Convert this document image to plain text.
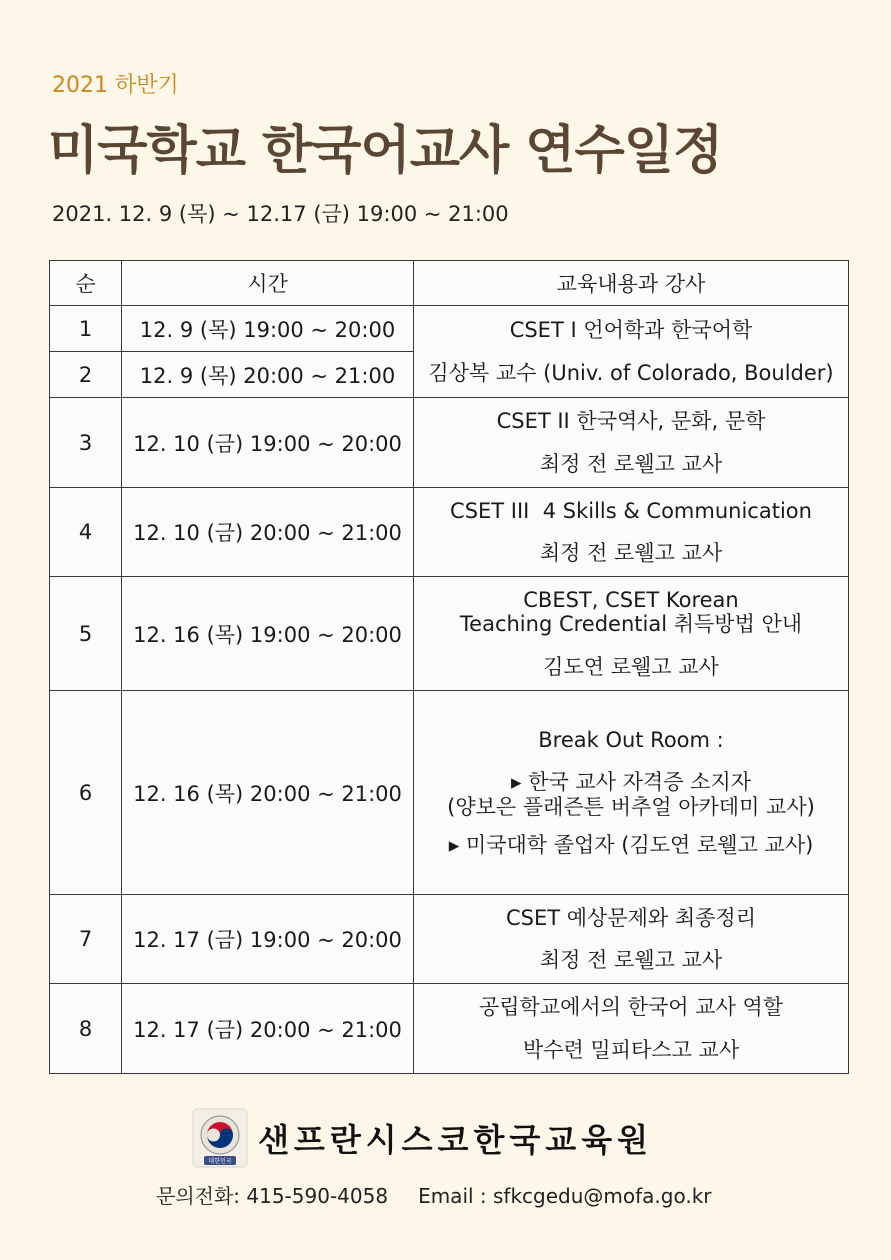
2021 하반기
미국학교 한국어교사 연수일정
2021. 12. 9 (목) ~ 12.17 (금) 19:00 ~ 21:00
순	시간	교육내용과 강사
1	12. 9 (목) 19:00 ~ 20:00	CSET I 언어학과 한국어학
김상복 교수 (Univ. of Colorado, Boulder)

2	12. 9 (목) 20:00 ~ 21:00	
3	12. 10 (금) 19:00 ~ 20:00	CSET II 한국역사, 문화, 문학
최정 전 로웰고 교사

4	12. 10 (금) 20:00 ~ 21:00	CSET III  4 Skills & Communication
최정 전 로웰고 교사

5	12. 16 (목) 19:00 ~ 20:00	CBEST, CSET Korean
Teaching Credential 취득방법 안내
김도연 로웰고 교사

6	12. 16 (목) 20:00 ~ 21:00	Break Out Room :
▸ 한국 교사 자격증 소지자
(양보은 플래즌튼 버추얼 아카데미 교사)
▸ 미국대학 졸업자 (김도연 로웰고 교사)

7	12. 17 (금) 19:00 ~ 20:00	CSET 예상문제와 최종정리
최정 전 로웰고 교사

8	12. 17 (금) 20:00 ~ 21:00	공립학교에서의 한국어 교사 역할
박수련 밀피타스고 교사
대한민국
샌프란시스코한국교육원
문의전화: 415-590-4058 Email : sfkcgedu@mofa.go.kr
